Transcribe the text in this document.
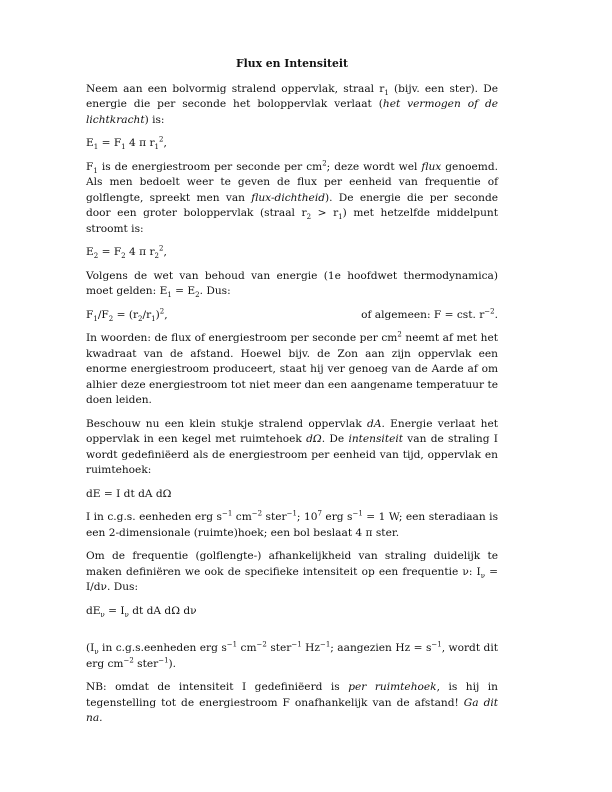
Flux en Intensiteit

Neem aan een bolvormig stralend oppervlak, straal $r_1$ (bijv. een ster). De energie die per seconde het boloppervlak verlaat (het vermogen of de lichtkracht) is:

$E_1 = F_1$ 4 π $r_1^2$,

$F_1$ is de energiestroom per seconde per $cm^2$; deze wordt wel flux genoemd. Als men bedoelt weer te geven de flux per eenheid van frequentie of golflengte, spreekt men van flux-dichtheid). De energie die per seconde door een groter boloppervlak (straal $r_2 > r_1$) met hetzelfde middelpunt stroomt is:

$E_2 = F_2$ 4 π $r_2^2$,

Volgens de wet van behoud van energie (1e hoofdwet thermodynamica) moet gelden: $E_1 = E_2$. Dus:

$F_1/F_2 = (r_2/r_1)^2$,	of algemeen: F = cst. $r^{-2}$.

In woorden: de flux of energiestroom per seconde per $cm^2$ neemt af met het kwadraat van de afstand. Hoewel bijv. de Zon aan zijn oppervlak een enorme energiestroom produceert, staat hij ver genoeg van de Aarde af om alhier deze energiestroom tot niet meer dan een aangename temperatuur te doen leiden.

Beschouw nu een klein stukje stralend oppervlak dA. Energie verlaat het oppervlak in een kegel met ruimtehoek dΩ. De intensiteit van de straling I wordt gedefiniëerd als de energiestroom per eenheid van tijd, oppervlak en ruimtehoek:

dE = I dt dA dΩ

I in c.g.s. eenheden erg $s^{-1}$ $cm^{-2}$ ster$^{-1}$; $10^7$ erg $s^{-1} = 1$ W; een steradiaan is een 2-dimensionale (ruimte)hoek; een bol beslaat 4 π ster.

Om de frequentie (golflengte-) afhankelijkheid van straling duidelijk te maken definiëren we ook de specifieke intensiteit op een frequentie ν: $I_\nu = I/d\nu$. Dus:

$dE_\nu = I_\nu$ dt dA dΩ dν

($I_\nu$ in c.g.s.eenheden erg $s^{-1}$ $cm^{-2}$ ster$^{-1}$ $Hz^{-1}$; aangezien $Hz = s^{-1}$, wordt dit erg $cm^{-2}$ ster$^{-1}$).

NB: omdat de intensiteit I gedefiniëerd is per ruimtehoek, is hij in tegenstelling tot de energiestroom F onafhankelijk van de afstand! Ga dit na.
